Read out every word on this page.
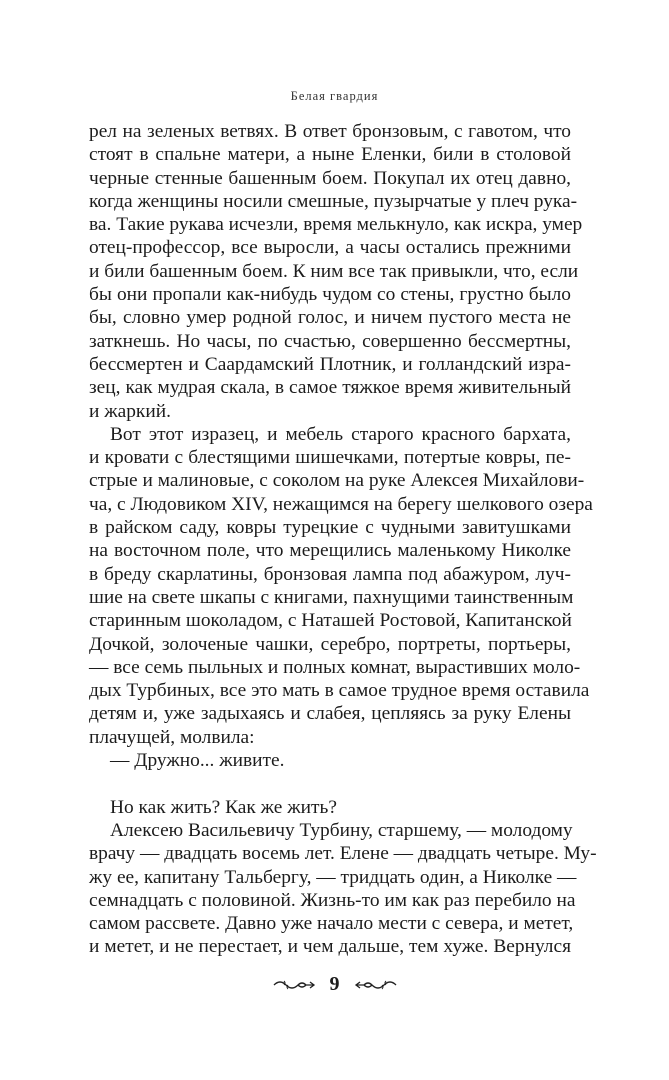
Белая гвардия
рел на зеленых ветвях. В ответ бронзовым, с гавотом, что
стоят в спальне матери, а ныне Еленки, били в столовой
черные стенные башенным боем. Покупал их отец давно,
когда женщины носили смешные, пузырчатые у плеч рука-
ва. Такие рукава исчезли, время мелькнуло, как искра, умер
отец-профессор, все выросли, а часы остались прежними
и били башенным боем. К ним все так привыкли, что, если
бы они пропали как-нибудь чудом со стены, грустно было
бы, словно умер родной голос, и ничем пустого места не
заткнешь. Но часы, по счастью, совершенно бессмертны,
бессмертен и Саардамский Плотник, и голландский изра-
зец, как мудрая скала, в самое тяжкое время живительный
и жаркий.
Вот этот изразец, и мебель старого красного бархата,
и кровати с блестящими шишечками, потертые ковры, пе-
стрые и малиновые, с соколом на руке Алексея Михайлови-
ча, с Людовиком XIV, нежащимся на берегу шелкового озера
в райском саду, ковры турецкие с чудными завитушками
на восточном поле, что мерещились маленькому Николке
в бреду скарлатины, бронзовая лампа под абажуром, луч-
шие на свете шкапы с книгами, пахнущими таинственным
старинным шоколадом, с Наташей Ростовой, Капитанской
Дочкой, золоченые чашки, серебро, портреты, портьеры,
— все семь пыльных и полных комнат, вырастивших моло-
дых Турбиных, все это мать в самое трудное время оставила
детям и, уже задыхаясь и слабея, цепляясь за руку Елены
плачущей, молвила:
— Дружно... живите.
Но как жить? Как же жить?
Алексею Васильевичу Турбину, старшему, — молодому
врачу — двадцать восемь лет. Елене — двадцать четыре. Му-
жу ее, капитану Тальбергу, — тридцать один, а Николке —
семнадцать с половиной. Жизнь-то им как раз перебило на
самом рассвете. Давно уже начало мести с севера, и метет,
и метет, и не перестает, и чем дальше, тем хуже. Вернулся
9
